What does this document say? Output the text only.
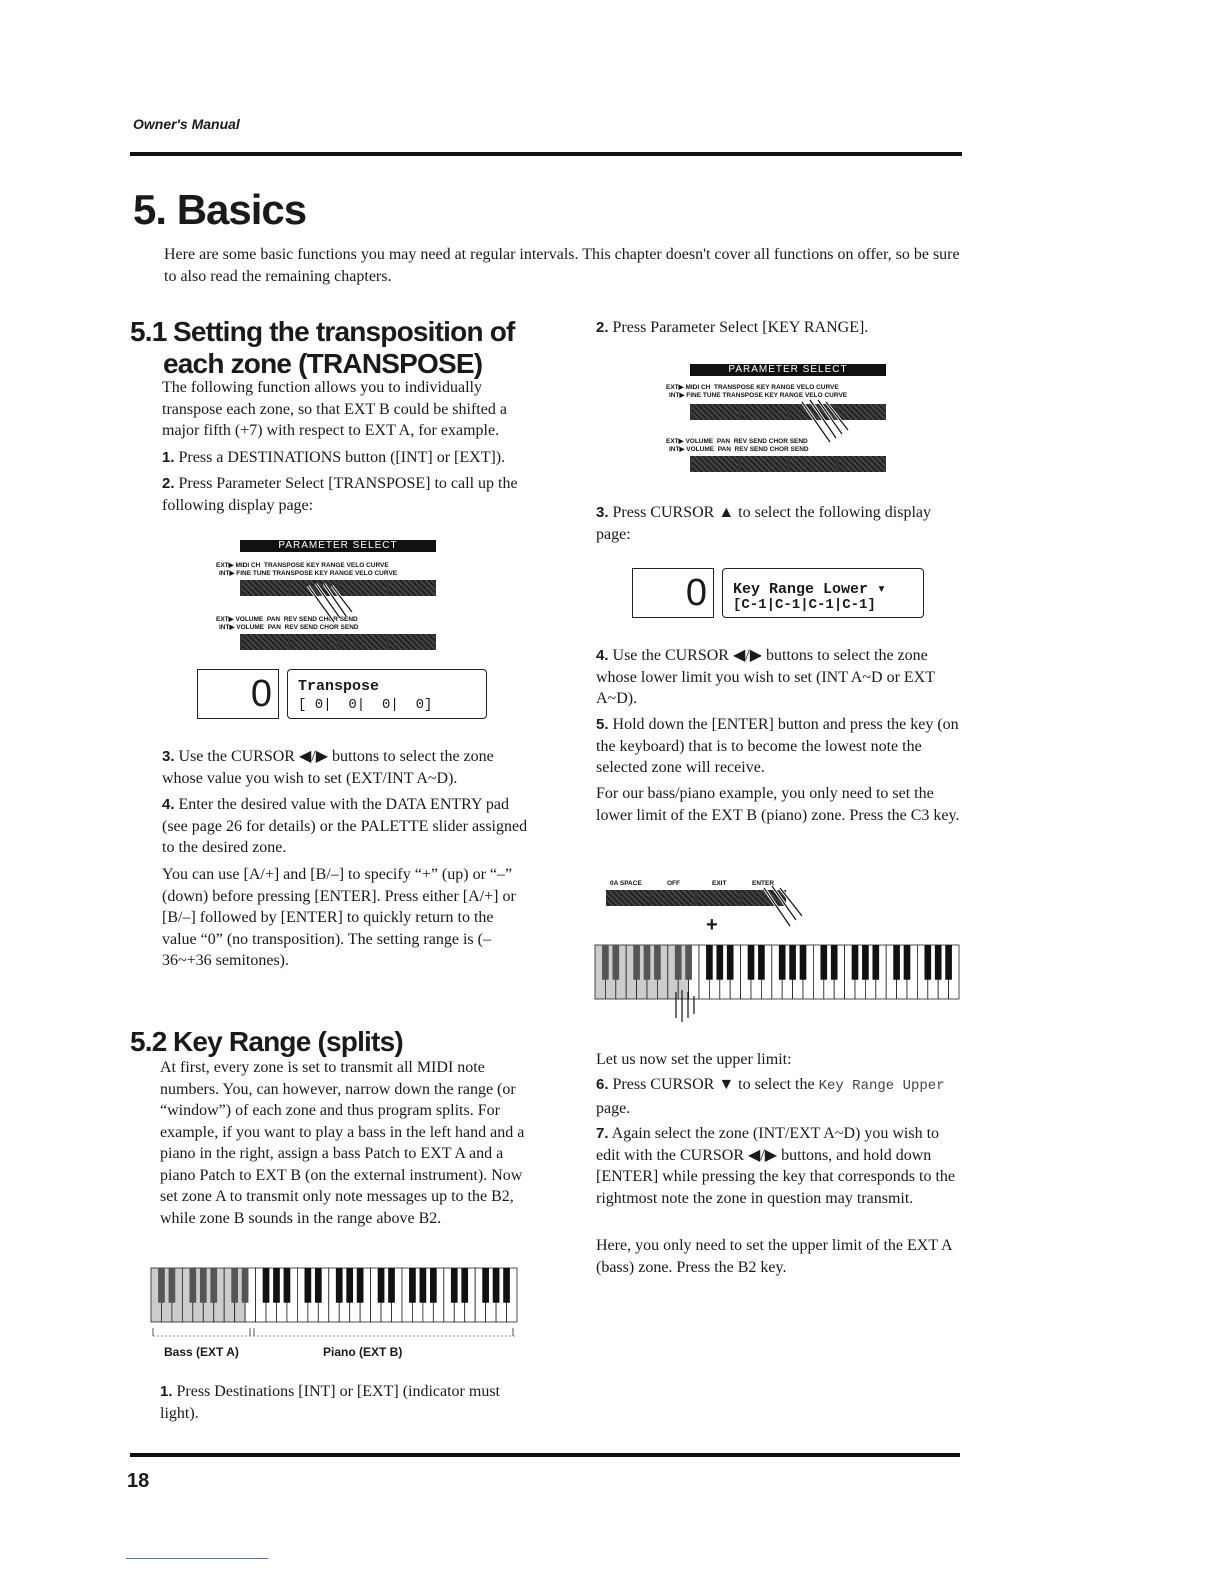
Owner's Manual
5. Basics
Here are some basic functions you may need at regular intervals. This chapter doesn't cover all functions on offer, so be sure to also read the remaining chapters.
5.1 Setting the transposition of
each zone (TRANSPOSE)
The following function allows you to individually transpose each zone, so that EXT B could be shifted a major fifth (+7) with respect to EXT A, for example.
1. Press a DESTINATIONS button ([INT] or [EXT]).
2. Press Parameter Select [TRANSPOSE] to call up the following display page:
PARAMETER SELECT
EXT▶ MIDI CH  TRANSPOSE KEY RANGE VELO CURVE
INT▶ FINE TUNE TRANSPOSE KEY RANGE VELO CURVE
EXT▶ VOLUME  PAN  REV SEND CHOR SEND
INT▶ VOLUME  PAN  REV SEND CHOR SEND
0 Transpose
[ 0|  0|  0|  0]
3. Use the CURSOR ◀/▶ buttons to select the zone whose value you wish to set (EXT/INT A~D).
4. Enter the desired value with the DATA ENTRY pad (see page 26 for details) or the PALETTE slider assigned to the desired zone.
You can use [A/+] and [B/–] to specify “+” (up) or “–” (down) before pressing [ENTER]. Press either [A/+] or [B/–] followed by [ENTER] to quickly return to the value “0” (no transposition). The setting range is (–36~+36 semitones).
5.2 Key Range (splits)
At first, every zone is set to transmit all MIDI note numbers. You, can however, narrow down the range (or “window”) of each zone and thus program splits. For example, if you want to play a bass in the left hand and a piano in the right, assign a bass Patch to EXT A and a piano Patch to EXT B (on the external instrument). Now set zone A to transmit only note messages up to the B2, while zone B sounds in the range above B2.
Bass (EXT A)	Piano (EXT B)
1. Press Destinations [INT] or [EXT] (indicator must light).
2. Press Parameter Select [KEY RANGE].
PARAMETER SELECT
EXT▶ MIDI CH  TRANSPOSE KEY RANGE VELO CURVE
INT▶ FINE TUNE TRANSPOSE KEY RANGE VELO CURVE
EXT▶ VOLUME  PAN  REV SEND CHOR SEND
INT▶ VOLUME  PAN  REV SEND CHOR SEND
3. Press CURSOR ▲ to select the following display page:
0 Key Range Lower ▾
[C-1|C-1|C-1|C-1]
4. Use the CURSOR ◀/▶ buttons to select the zone whose lower limit you wish to set (INT A~D or EXT A~D).
5. Hold down the [ENTER] button and press the key (on the keyboard) that is to become the lowest note the selected zone will receive.
For our bass/piano example, you only need to set the lower limit of the EXT B (piano) zone. Press the C3 key.
0A SPACE	OFF	EXIT	ENTER
+
Let us now set the upper limit:
6. Press CURSOR ▼ to select the Key Range Upper page.
7. Again select the zone (INT/EXT A~D) you wish to edit with the CURSOR ◀/▶ buttons, and hold down [ENTER] while pressing the key that corresponds to the rightmost note the zone in question may transmit.
Here, you only need to set the upper limit of the EXT A (bass) zone. Press the B2 key.
18
